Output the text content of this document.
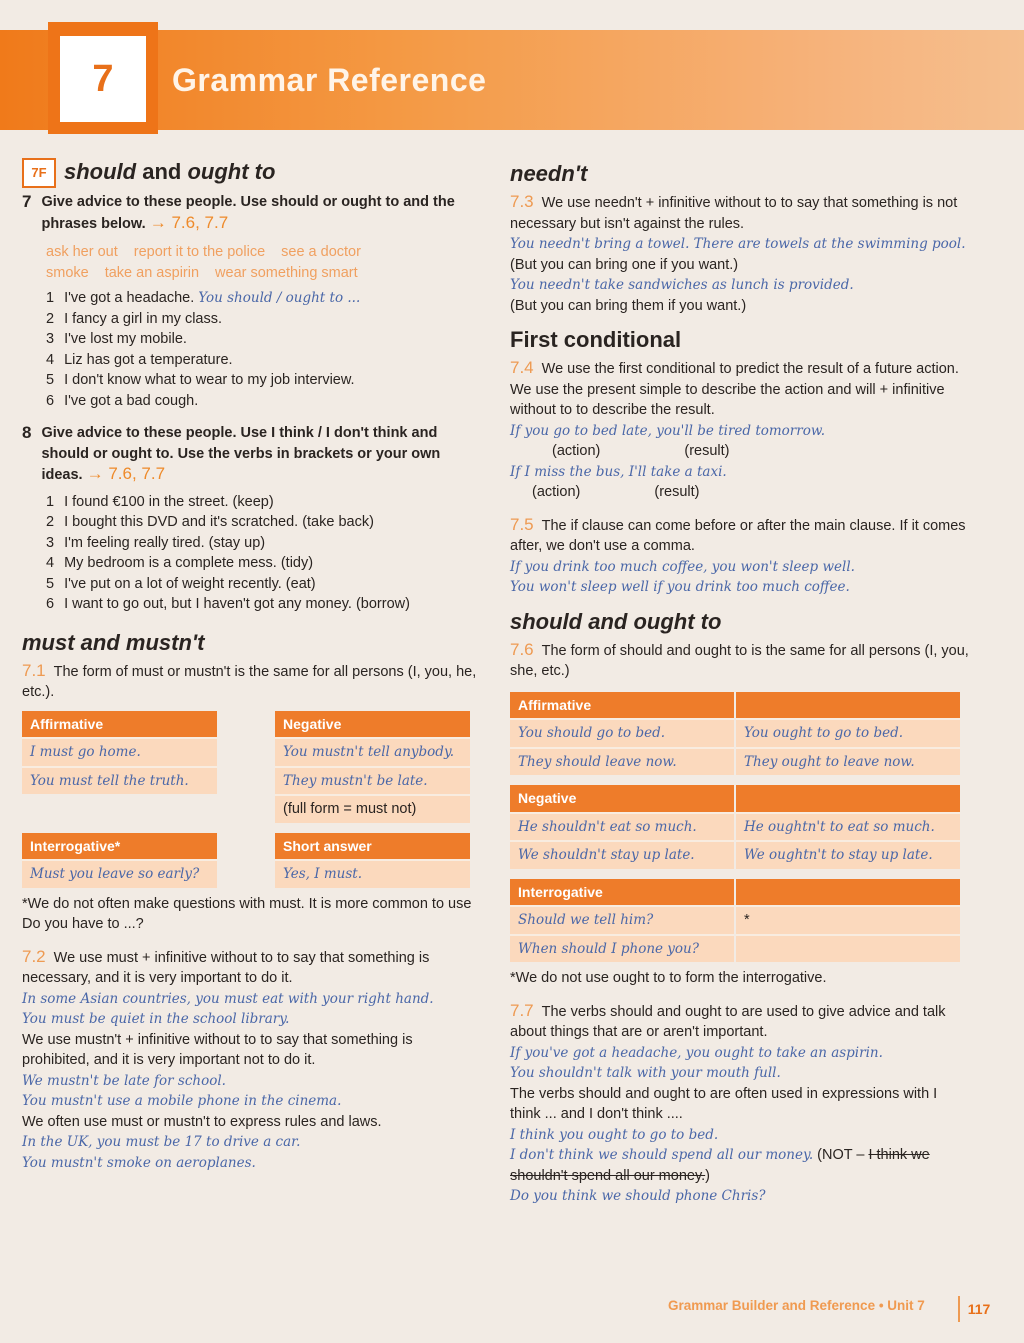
7	Grammar Reference
7F should and ought to
7 Give advice to these people. Use should or ought to and the phrases below. → 7.6, 7.7
ask her out report it to the police see a doctor
smoke take an aspirin wear something smart
1 I've got a headache. You should / ought to ...
2 I fancy a girl in my class.
3 I've lost my mobile.
4 Liz has got a temperature.
5 I don't know what to wear to my job interview.
6 I've got a bad cough.
8 Give advice to these people. Use I think / I don't think and should or ought to. Use the verbs in brackets or your own ideas. → 7.6, 7.7
1 I found €100 in the street. (keep)
2 I bought this DVD and it's scratched. (take back)
3 I'm feeling really tired. (stay up)
4 My bedroom is a complete mess. (tidy)
5 I've put on a lot of weight recently. (eat)
6 I want to go out, but I haven't got any money. (borrow)
must and mustn't
7.1 The form of must or mustn't is the same for all persons (I, you, he, etc.).
Affirmative	Negative
I must go home.	You mustn't tell anybody.
You must tell the truth.	They mustn't be late.
(full form = must not)
Interrogative*	Short answer
Must you leave so early?	Yes, I must.
*We do not often make questions with must. It is more common to use Do you have to ...?
7.2 We use must + infinitive without to to say that something is necessary, and it is very important to do it.
In some Asian countries, you must eat with your right hand.
You must be quiet in the school library.
We use mustn't + infinitive without to to say that something is prohibited, and it is very important not to do it.
We mustn't be late for school.
You mustn't use a mobile phone in the cinema.
We often use must or mustn't to express rules and laws.
In the UK, you must be 17 to drive a car.
You mustn't smoke on aeroplanes.
needn't
7.3 We use needn't + infinitive without to to say that something is not necessary but isn't against the rules.
You needn't bring a towel. There are towels at the swimming pool.
(But you can bring one if you want.)
You needn't take sandwiches as lunch is provided.
(But you can bring them if you want.)
First conditional
7.4 We use the first conditional to predict the result of a future action. We use the present simple to describe the action and will + infinitive without to to describe the result.
If you go to bed late, you'll be tired tomorrow.
(action)	(result)
If I miss the bus, I'll take a taxi.
(action)	(result)
7.5 The if clause can come before or after the main clause. If it comes after, we don't use a comma.
If you drink too much coffee, you won't sleep well.
You won't sleep well if you drink too much coffee.
should and ought to
7.6 The form of should and ought to is the same for all persons (I, you, she, etc.)
Affirmative
You should go to bed.	You ought to go to bed.
They should leave now.	They ought to leave now.
Negative
He shouldn't eat so much.	He oughtn't to eat so much.
We shouldn't stay up late.	We oughtn't to stay up late.
Interrogative
Should we tell him?	*
When should I phone you?
*We do not use ought to to form the interrogative.
7.7 The verbs should and ought to are used to give advice and talk about things that are or aren't important.
If you've got a headache, you ought to take an aspirin.
You shouldn't talk with your mouth full.
The verbs should and ought to are often used in expressions with I think ... and I don't think ....
I think you ought to go to bed.
I don't think we should spend all our money. (NOT – I think we shouldn't spend all our money.)
Do you think we should phone Chris?
Grammar Builder and Reference • Unit 7	117
